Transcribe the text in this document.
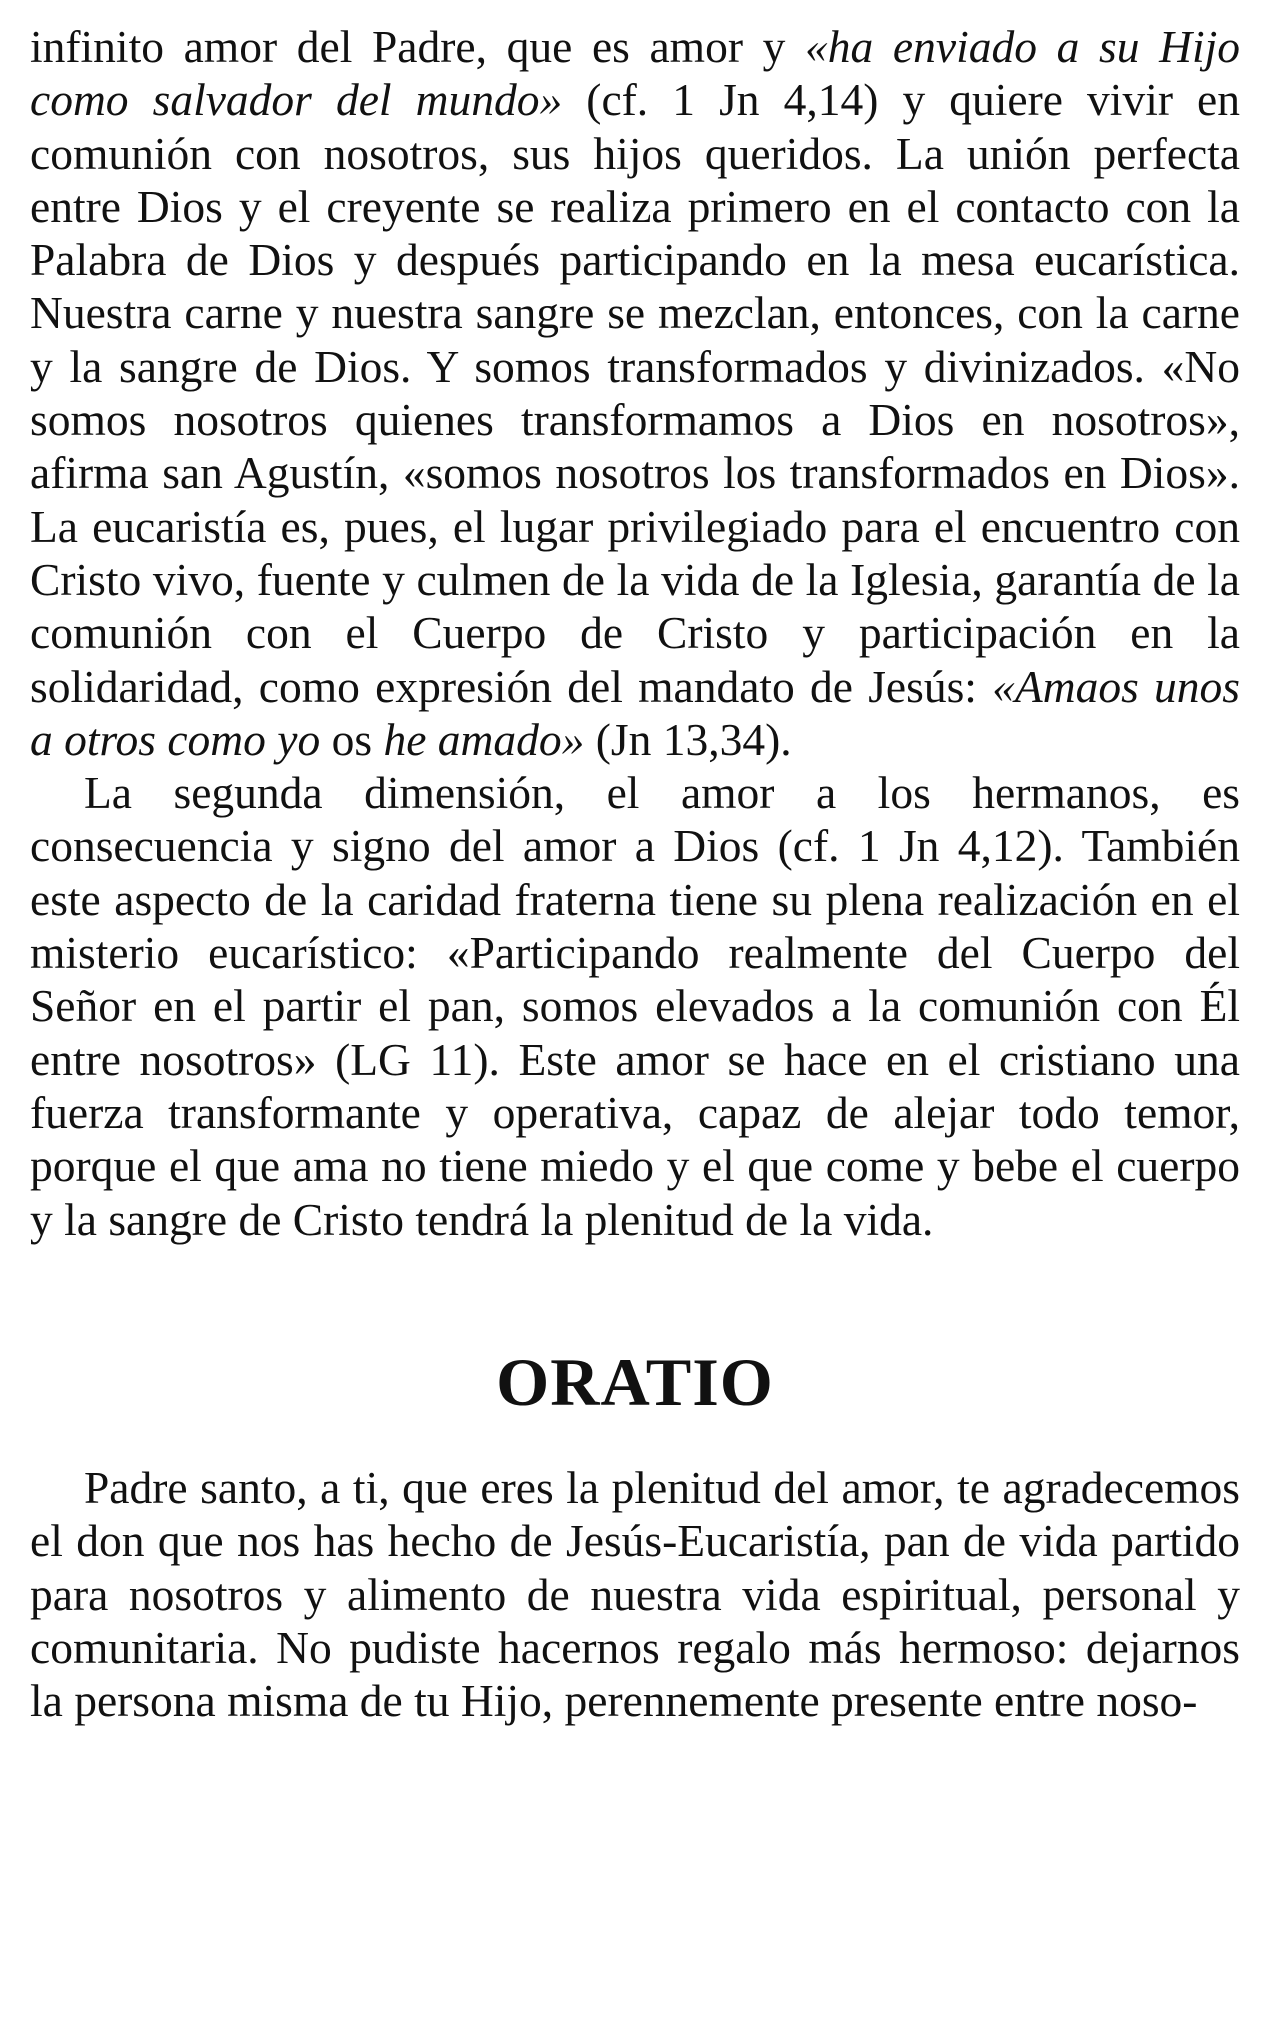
infinito amor del Padre, que es amor y «ha enviado a su Hijo como salvador del mundo» (cf. 1 Jn 4,14) y quiere vivir en comunión con nosotros, sus hijos queridos. La unión perfecta entre Dios y el creyente se realiza primero en el contacto con la Palabra de Dios y después participando en la mesa eucarística. Nuestra carne y nuestra sangre se mezclan, entonces, con la carne y la sangre de Dios. Y somos transformados y divinizados. «No somos nosotros quienes transformamos a Dios en nosotros», afirma san Agustín, «somos nosotros los transformados en Dios». La eucaristía es, pues, el lugar privilegiado para el encuentro con Cristo vivo, fuente y culmen de la vida de la Iglesia, garantía de la comunión con el Cuerpo de Cristo y participación en la solidaridad, como expresión del mandato de Jesús: «Amaos unos a otros como yo os he amado» (Jn 13,34).

La segunda dimensión, el amor a los hermanos, es consecuencia y signo del amor a Dios (cf. 1 Jn 4,12). También este aspecto de la caridad fraterna tiene su plena realización en el misterio eucarístico: «Participando realmente del Cuerpo del Señor en el partir el pan, somos elevados a la comunión con Él entre nosotros» (LG 11). Este amor se hace en el cristiano una fuerza transformante y operativa, capaz de alejar todo temor, porque el que ama no tiene miedo y el que come y bebe el cuerpo y la sangre de Cristo tendrá la plenitud de la vida.

ORATIO

Padre santo, a ti, que eres la plenitud del amor, te agradecemos el don que nos has hecho de Jesús-Eucaristía, pan de vida partido para nosotros y alimento de nuestra vida espiritual, personal y comunitaria. No pudiste hacernos regalo más hermoso: dejarnos la persona misma de tu Hijo, perennemente presente entre noso-
